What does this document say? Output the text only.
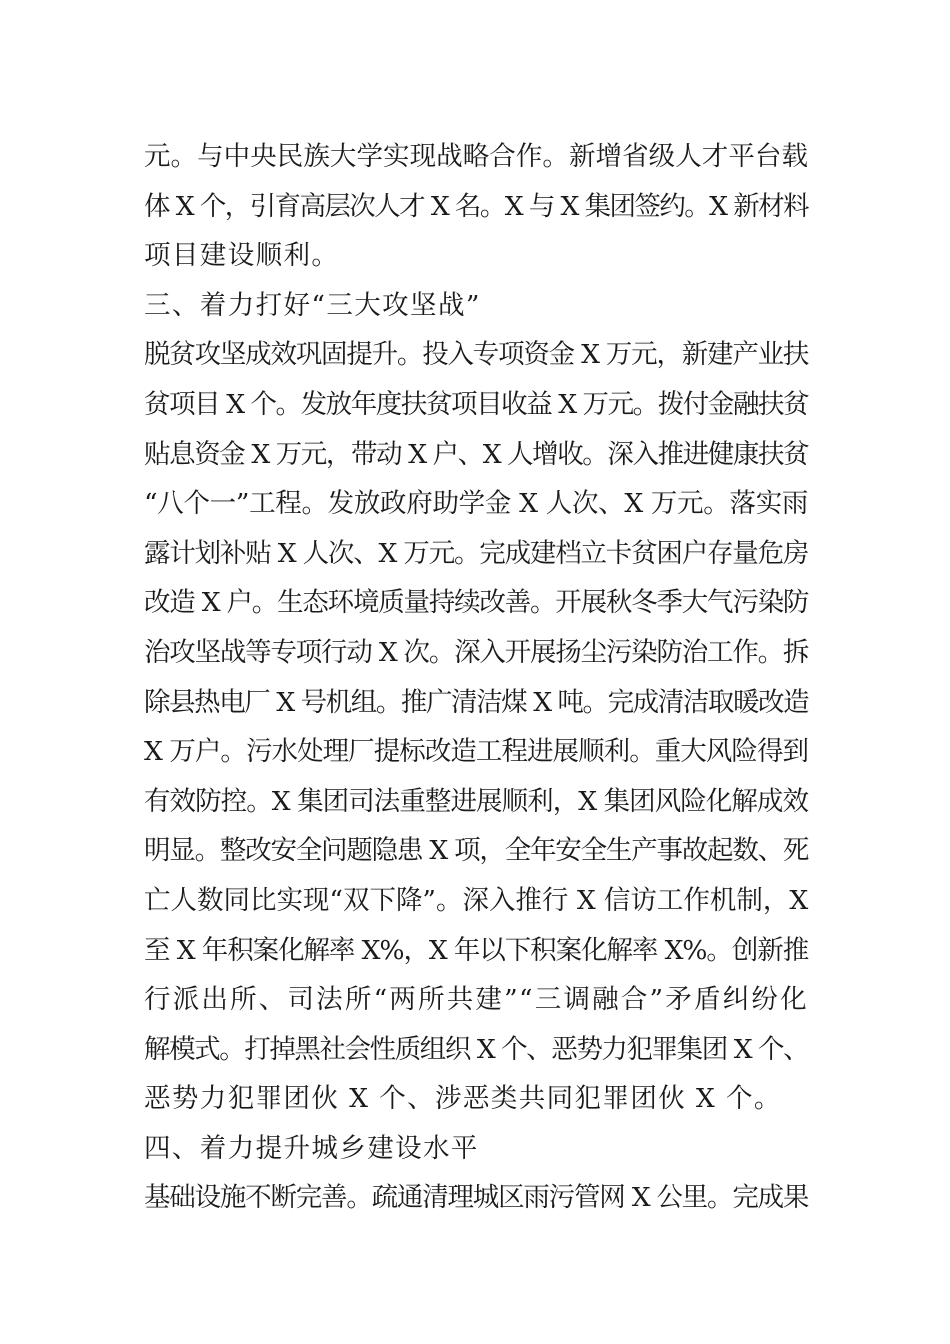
元。与中央民族大学实现战略合作。新增省级人才平台载
体 X 个，引育高层次人才 X 名。X 与 X 集团签约。X 新材料
项目建设顺利。
三、着力打好“三大攻坚战”
脱贫攻坚成效巩固提升。投入专项资金 X 万元，新建产业扶
贫项目 X 个。发放年度扶贫项目收益 X 万元。拨付金融扶贫
贴息资金 X 万元，带动 X 户、X 人增收。深入推进健康扶贫
“八个一”工程。发放政府助学金 X 人次、X 万元。落实雨
露计划补贴 X 人次、X 万元。完成建档立卡贫困户存量危房
改造 X 户。生态环境质量持续改善。开展秋冬季大气污染防
治攻坚战等专项行动 X 次。深入开展扬尘污染防治工作。拆
除县热电厂 X 号机组。推广清洁煤 X 吨。完成清洁取暖改造
X 万户。污水处理厂提标改造工程进展顺利。重大风险得到
有效防控。X 集团司法重整进展顺利，X 集团风险化解成效
明显。整改安全问题隐患 X 项，全年安全生产事故起数、死
亡人数同比实现“双下降”。深入推行 X 信访工作机制，X
至 X 年积案化解率 X%，X 年以下积案化解率 X%。创新推
行派出所、司法所“两所共建”“三调融合”矛盾纠纷化
解模式。打掉黑社会性质组织 X 个、恶势力犯罪集团 X 个、
恶势力犯罪团伙 X 个、涉恶类共同犯罪团伙 X 个。
四、着力提升城乡建设水平
基础设施不断完善。疏通清理城区雨污管网 X 公里。完成果
